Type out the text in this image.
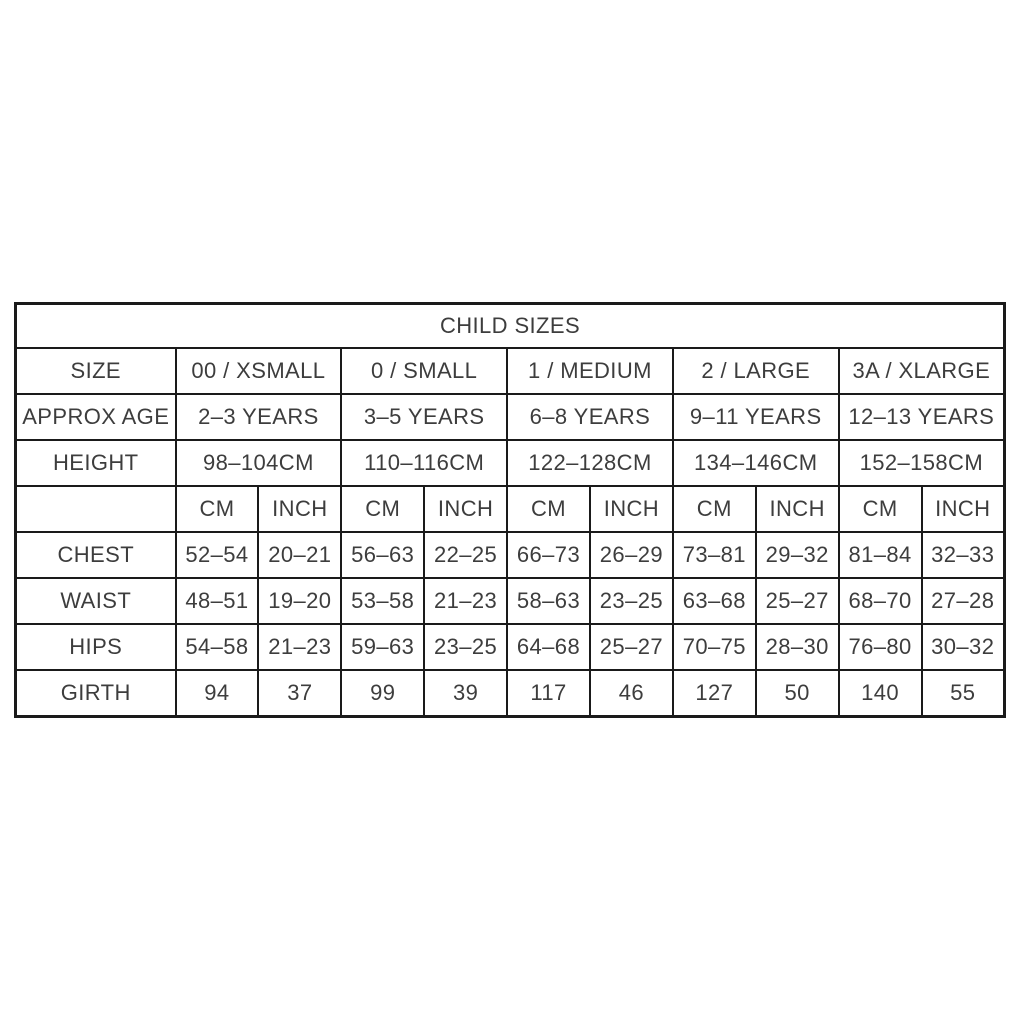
CHILD SIZES										
SIZE	00 / XSMALL		0 / SMALL		1 / MEDIUM		2 / LARGE		3A / XLARGE	
APPROX AGE	2–3 YEARS		3–5 YEARS		6–8 YEARS		9–11 YEARS		12–13 YEARS	
HEIGHT	98–104CM		110–116CM		122–128CM		134–146CM		152–158CM	
	CM	INCH	CM	INCH	CM	INCH	CM	INCH	CM	INCH
CHEST	52–54	20–21	56–63	22–25	66–73	26–29	73–81	29–32	81–84	32–33
WAIST	48–51	19–20	53–58	21–23	58–63	23–25	63–68	25–27	68–70	27–28
HIPS	54–58	21–23	59–63	23–25	64–68	25–27	70–75	28–30	76–80	30–32
GIRTH	94	37	99	39	117	46	127	50	140	55
